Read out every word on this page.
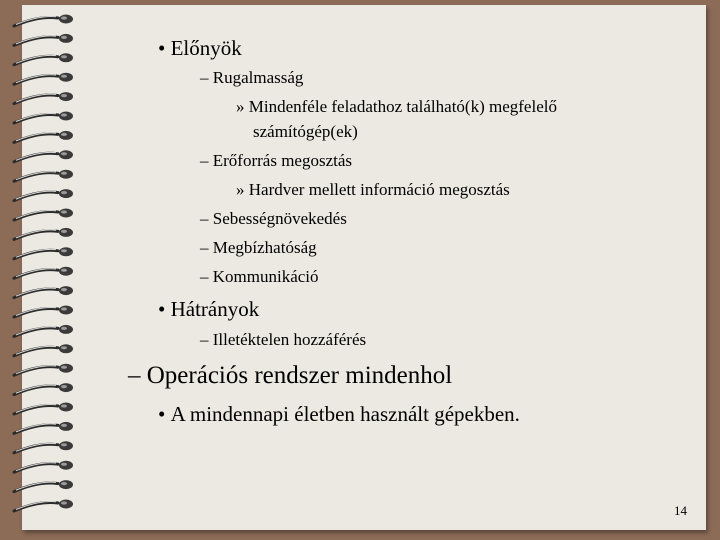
• Előnyök
– Rugalmasság
» Mindenféle feladathoz található(k) megfelelő
számítógép(ek)
– Erőforrás megosztás
» Hardver mellett információ megosztás
– Sebességnövekedés
– Megbízhatóság
– Kommunikáció
• Hátrányok
– Illetéktelen hozzáférés
– Operációs rendszer mindenhol
• A mindennapi életben használt gépekben.
14
